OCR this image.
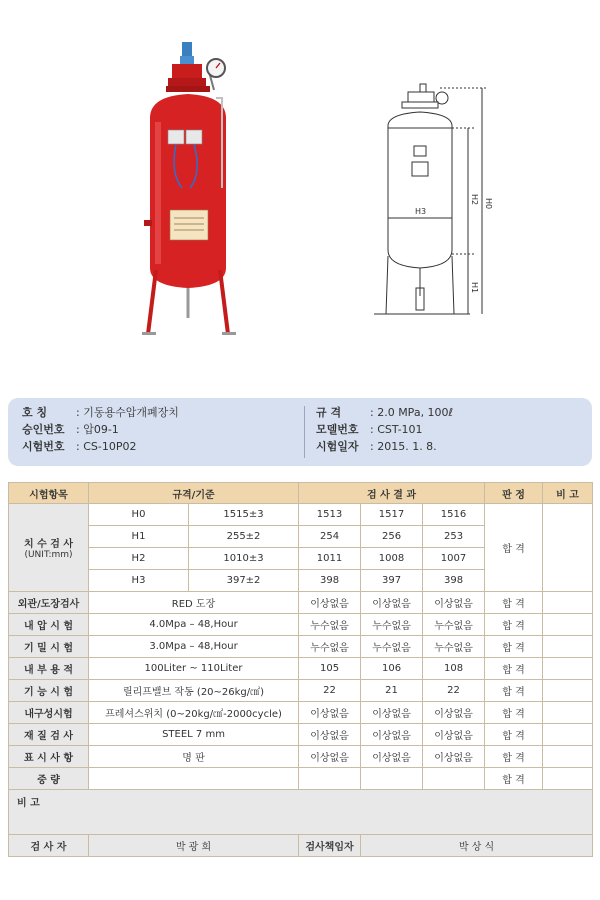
H3
H2 H0
H1
호 칭	: 기동용수압개폐장치
승인번호 : 압09-1
시험번호 : CS-10P02
규 격	: 2.0 MPa, 100ℓ
모델번호 : CST-101
시험일자 : 2015. 1. 8.
시험항목	규격/기준		검 사 결 과			판 정	비 고

치 수 검 사
(UNIT:mm)	H0	1515±3	1513	1517	1516	합 격	
	H1	255±2	254	256	253		
	H2	1010±3	1011	1008	1007		
	H3	397±2	398	397	398		
외관/도장검사	RED 도장		이상없음	이상없음	이상없음	합 격	
내 압 시 험	4.0Mpa – 48,Hour		누수없음	누수없음	누수없음	합 격	
기 밀 시 험	3.0Mpa – 48,Hour		누수없음	누수없음	누수없음	합 격	
내 부 용 적	100Liter ~ 110Liter		105	106	108	합 격	
기 능 시 험	릴리프밸브 작동 (20~26kg/㎠)		22	21	22	합 격	
내구성시험	프레셔스위치 (0~20kg/㎠-2000cycle)		이상없음	이상없음	이상없음	합 격	
재 질 검 사	STEEL 7 mm		이상없음	이상없음	이상없음	합 격	
표 시 사 항	명 판		이상없음	이상없음	이상없음	합 격	
중 량						합 격	
비 고							
검 사 자	박 광 희		검사책임자	박 상 식			
